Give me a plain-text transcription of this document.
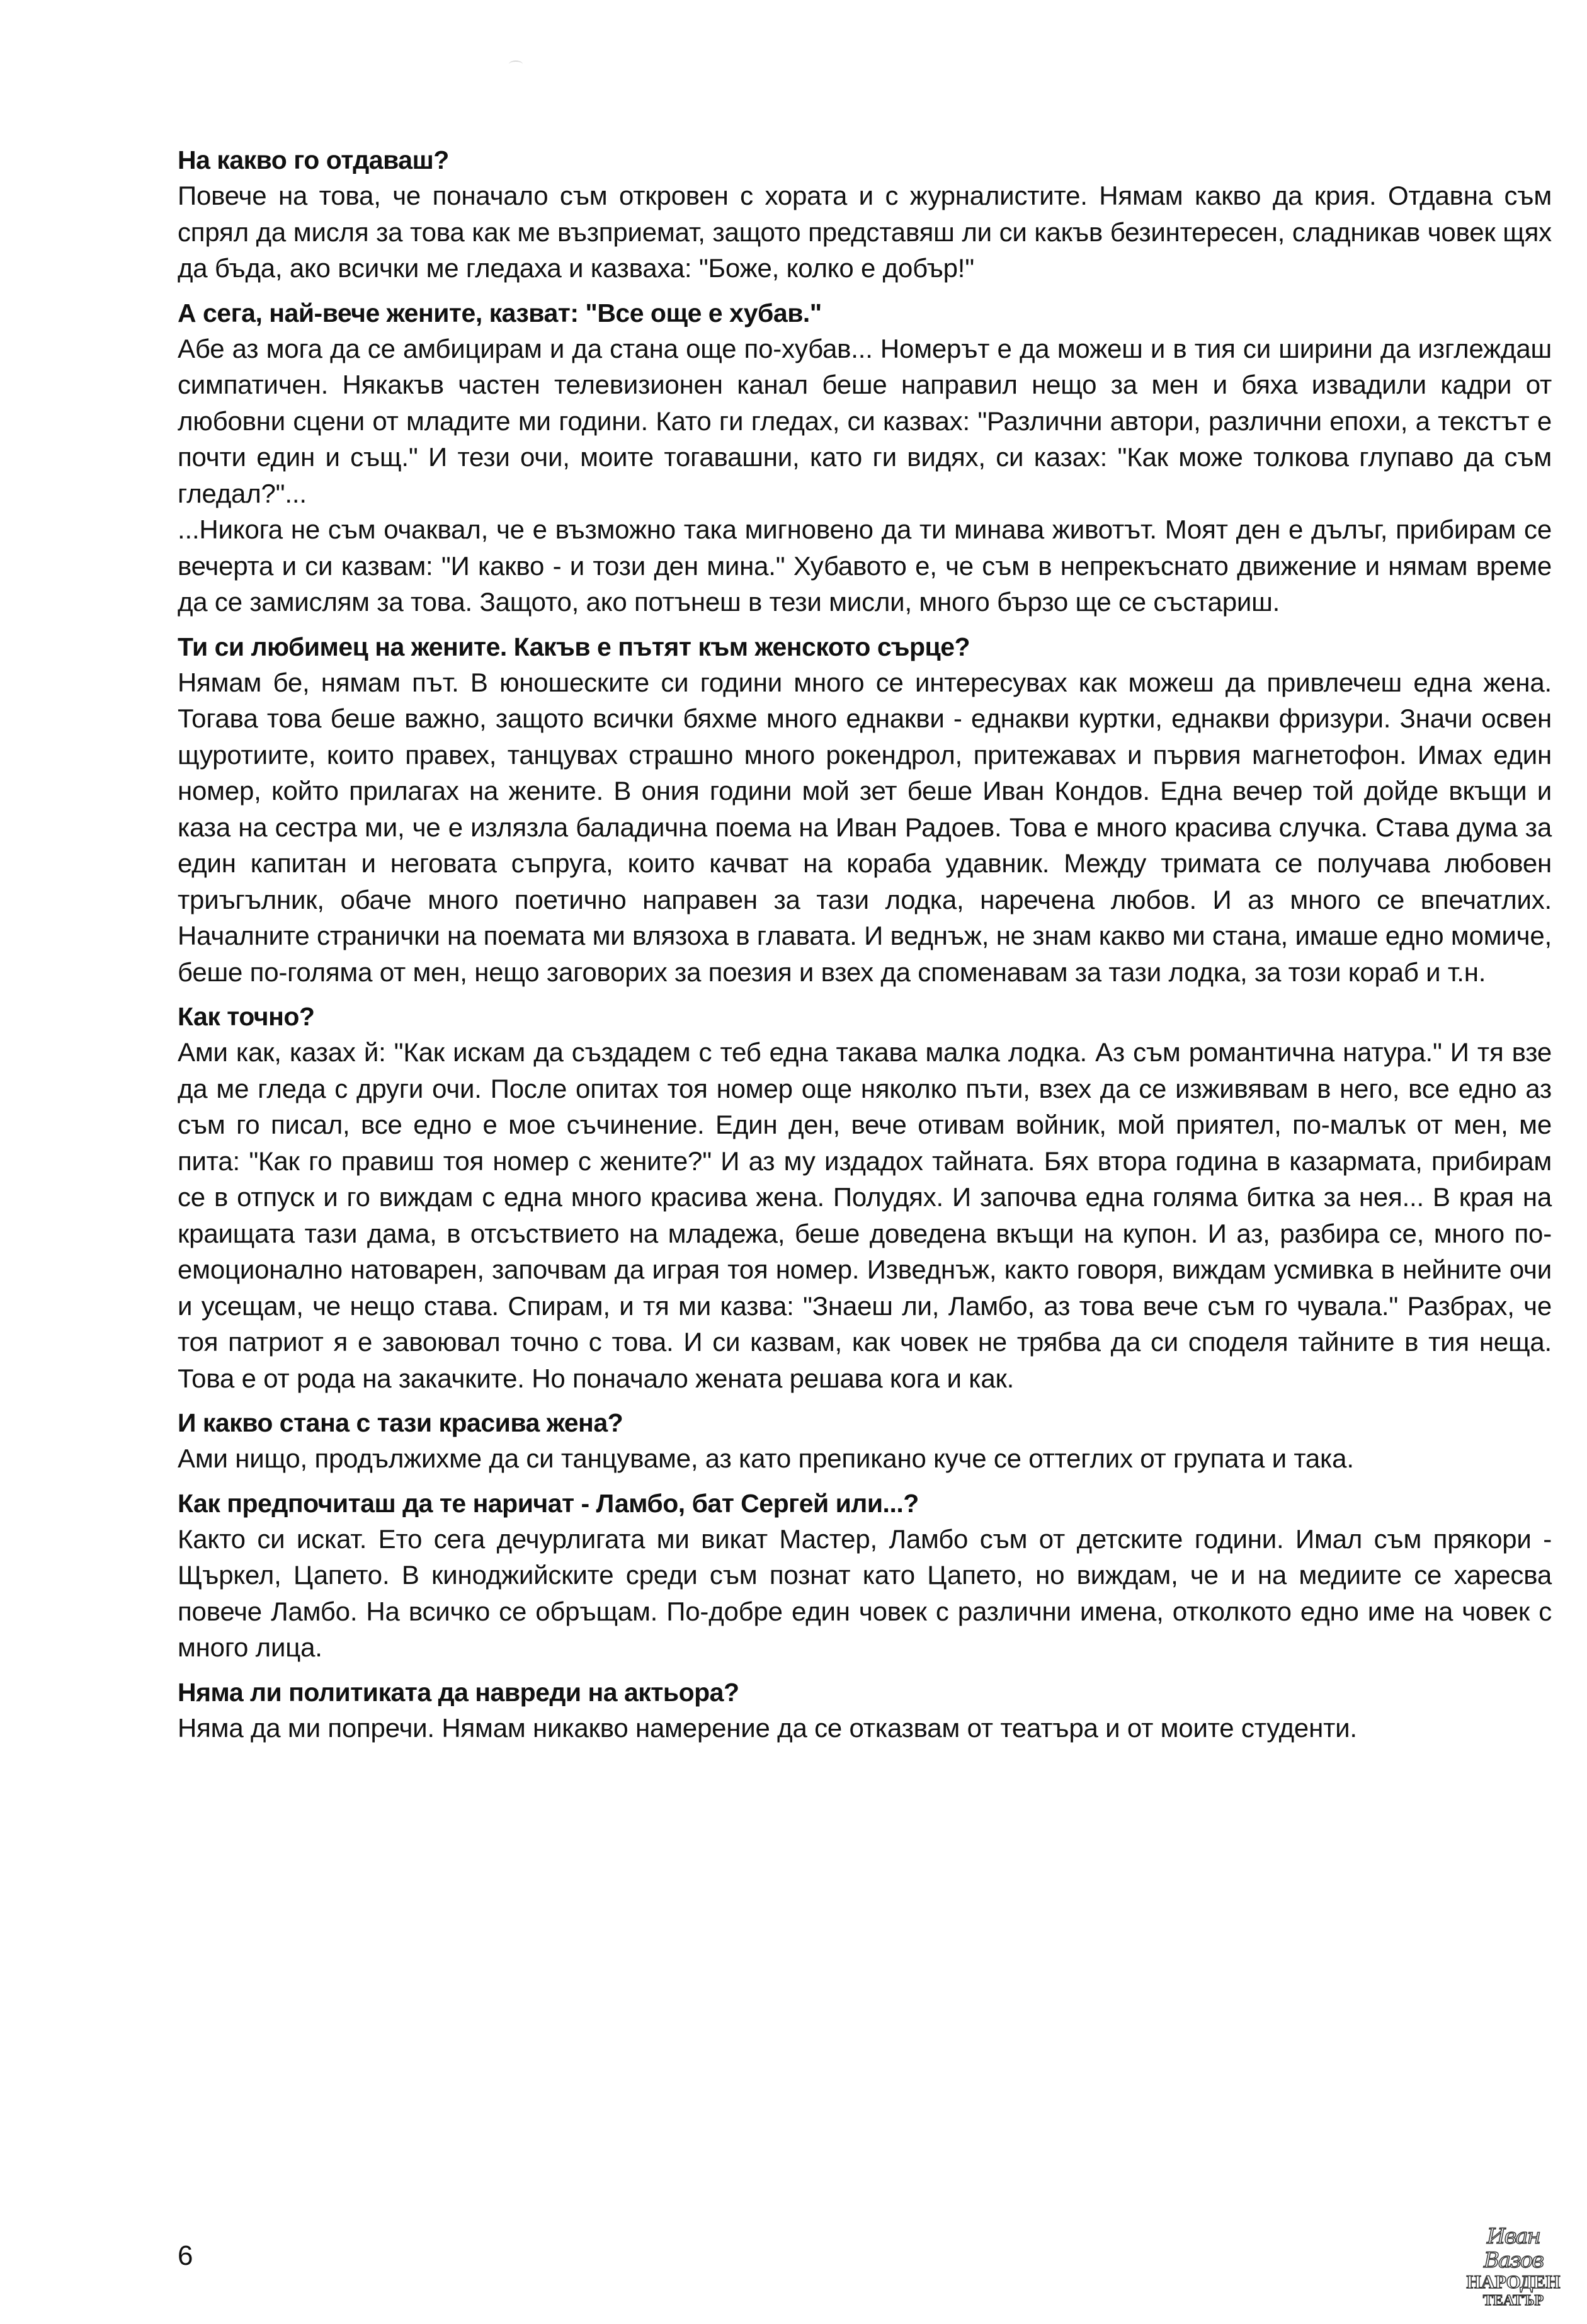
На какво го отдаваш?

Повече на това, че поначало съм откровен с хората и с журналистите. Нямам какво да крия. Отдавна съм спрял да мисля за това как ме възприемат, защото представяш ли си какъв безинтересен, сладникав човек щях да бъда, ако всички ме гледаха и казваха: "Боже, колко е добър!"

А сега, най-вече жените, казват: "Все още е хубав."

Абе аз мога да се амбицирам и да стана още по-хубав... Номерът е да можеш и в тия си ширини да изглеждаш симпатичен. Някакъв частен телевизионен канал беше направил нещо за мен и бяха извадили кадри от любовни сцени от младите ми години. Като ги гледах, си казвах: "Различни автори, различни епохи, а текстът е почти един и същ." И тези очи, моите тогавашни, като ги видях, си казах: "Как може толкова глупаво да съм гледал?"...

...Никога не съм очаквал, че е възможно така мигновено да ти минава животът. Моят ден е дълъг, прибирам се вечерта и си казвам: "И какво - и този ден мина." Хубавото е, че съм в непрекъснато движение и нямам време да се замислям за това. Защото, ако потънеш в тези мисли, много бързо ще се състариш.

Ти си любимец на жените. Какъв е пътят към женското сърце?

Нямам бе, нямам път. В юношеските си години много се интересувах как можеш да привлечеш една жена. Тогава това беше важно, защото всички бяхме много еднакви - еднакви куртки, еднакви фризури. Значи освен щуротиите, които правех, танцувах страшно много рокендрол, притежавах и първия магнетофон. Имах един номер, който прилагах на жените. В ония години мой зет беше Иван Кондов. Една вечер той дойде вкъщи и каза на сестра ми, че е излязла баладична поема на Иван Радоев. Това е много красива случка. Става дума за един капитан и неговата съпруга, които качват на кораба удавник. Между тримата се получава любовен триъгълник, обаче много поетично направен за тази лодка, наречена любов. И аз много се впечатлих. Началните странички на поемата ми влязоха в главата. И веднъж, не знам какво ми стана, имаше едно момиче, беше по-голяма от мен, нещо заговорих за поезия и взех да споменавам за тази лодка, за този кораб и т.н.

Как точно?

Ами как, казах й: "Как искам да създадем с теб една такава малка лодка. Аз съм романтична натура." И тя взе да ме гледа с други очи. После опитах тоя номер още няколко пъти, взех да се изживявам в него, все едно аз съм го писал, все едно е мое съчинение. Един ден, вече отивам войник, мой приятел, по-малък от мен, ме пита: "Как го правиш тоя номер с жените?" И аз му издадох тайната. Бях втора година в казармата, прибирам се в отпуск и го виждам с една много красива жена. Полудях. И започва една голяма битка за нея... В края на краищата тази дама, в отсъствието на младежа, беше доведена вкъщи на купон. И аз, разбира се, много по-емоционално натоварен, започвам да играя тоя номер. Изведнъж, както говоря, виждам усмивка в нейните очи и усещам, че нещо става. Спирам, и тя ми казва: "Знаеш ли, Ламбо, аз това вече съм го чувала." Разбрах, че тоя патриот я е завоювал точно с това. И си казвам, как човек не трябва да си споделя тайните в тия неща. Това е от рода на закачките. Но поначало жената решава кога и как.

И какво стана с тази красива жена?

Ами нищо, продължихме да си танцуваме, аз като препикано куче се оттеглих от групата и така.

Как предпочиташ да те наричат - Ламбо, бат Сергей или...?

Както си искат. Ето сега дечурлигата ми викат Мастер, Ламбо съм от детските години. Имал съм прякори - Щъркел, Цапето. В киноджийските среди съм познат като Цапето, но виждам, че и на медиите се харесва повече Ламбо. На всичко се обръщам. По-добре един човек с различни имена, отколкото едно име на човек с много лица.

Няма ли политиката да навреди на актьора?

Няма да ми попречи. Нямам никакво намерение да се отказвам от театъра и от моите студенти.

6
Иван Вазов
НАРОДЕН
ТЕАТЪР
